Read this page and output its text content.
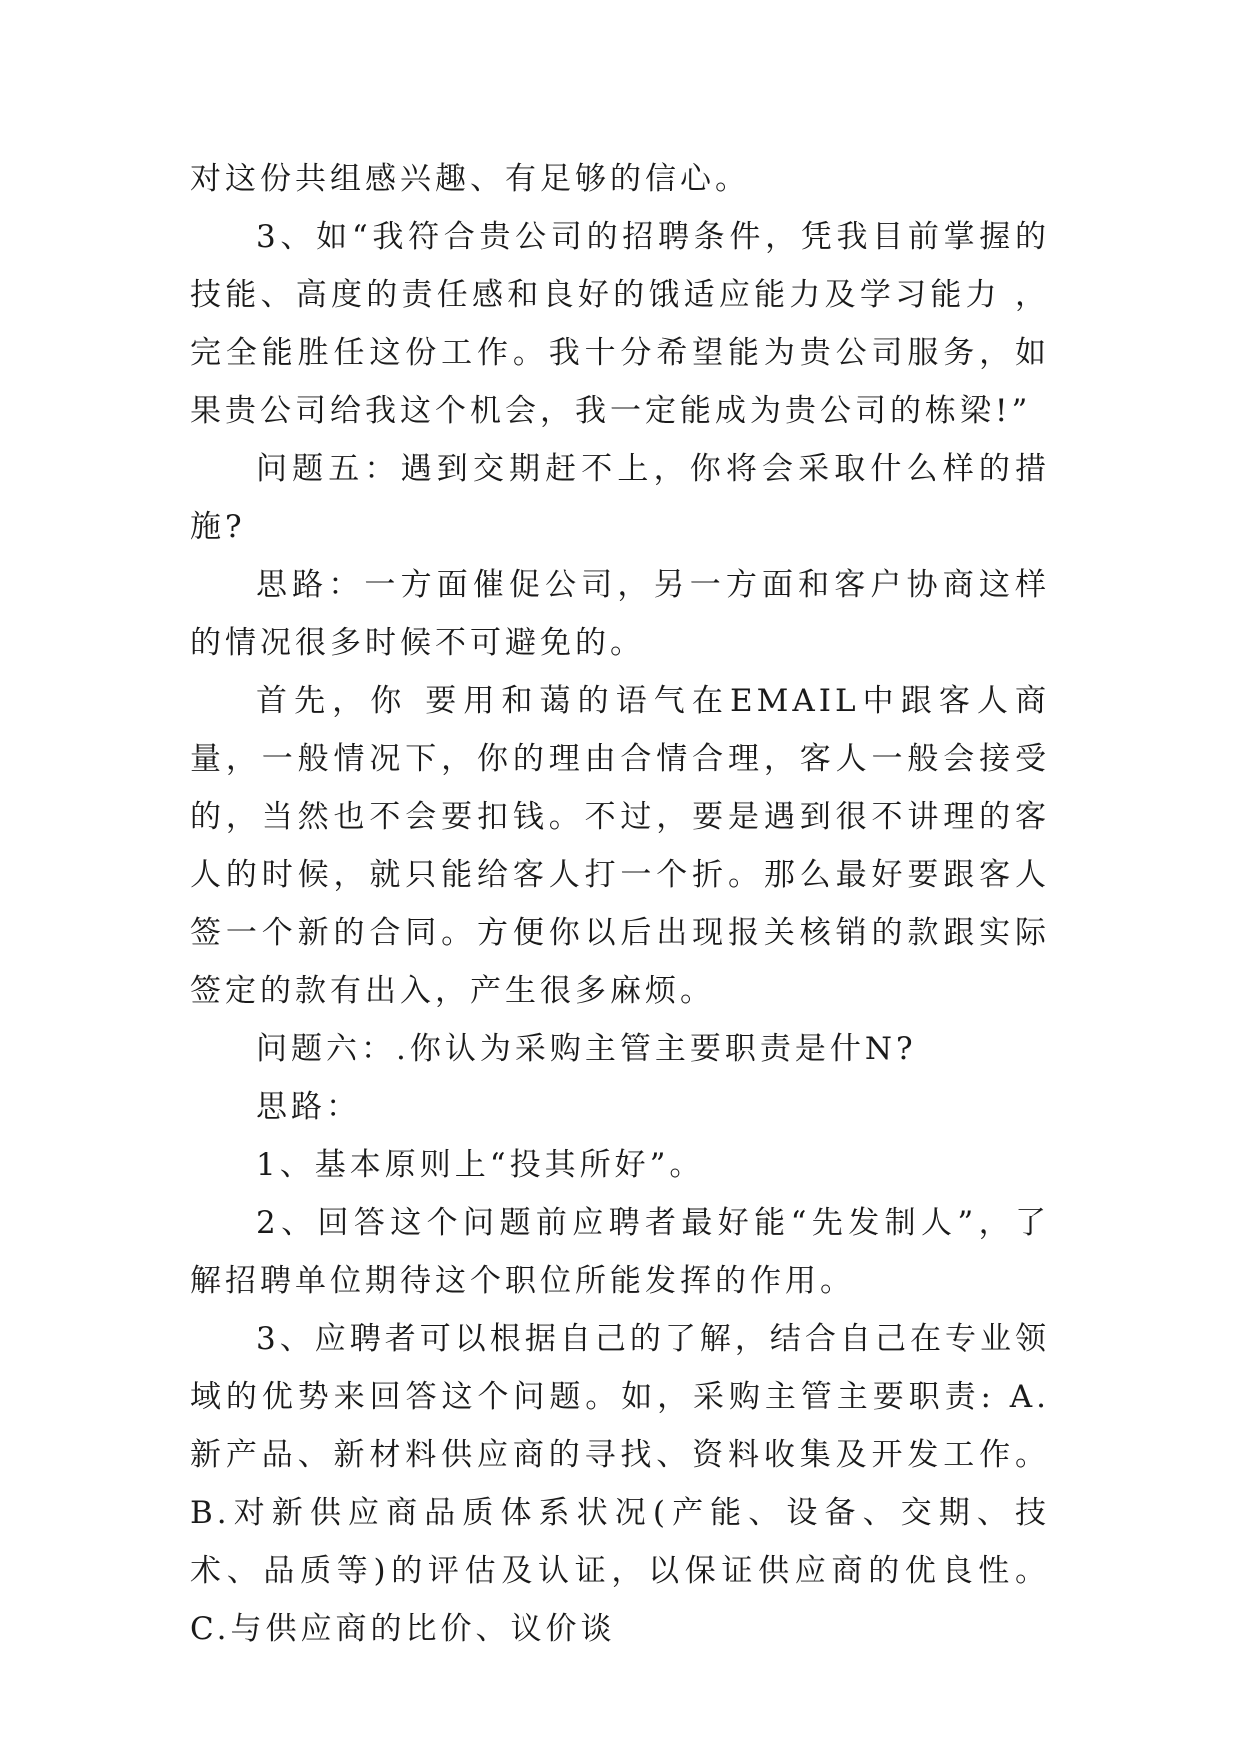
对这份共组感兴趣、有足够的信心。

3、如“我符合贵公司的招聘条件，凭我目前掌握的技能、高度的责任感和良好的饿适应能力及学习能力 ，完全能胜任这份工作。我十分希望能为贵公司服务，如果贵公司给我这个机会，我一定能成为贵公司的栋梁!”

问题五：遇到交期赶不上，你将会采取什么样的措施?

思路：一方面催促公司，另一方面和客户协商这样的情况很多时候不可避免的。

首先，你 要用和蔼的语气在EMAIL中跟客人商量，一般情况下，你的理由合情合理，客人一般会接受的，当然也不会要扣钱。不过，要是遇到很不讲理的客人的时候，就只能给客人打一个折。那么最好要跟客人签一个新的合同。方便你以后出现报关核销的款跟实际签定的款有出入，产生很多麻烦。

问题六：.你认为采购主管主要职责是什N?

思路：

1、基本原则上“投其所好”。

2、回答这个问题前应聘者最好能“先发制人”，了解招聘单位期待这个职位所能发挥的作用。

3、应聘者可以根据自己的了解，结合自己在专业领域的优势来回答这个问题。如，采购主管主要职责: A.新产品、新材料供应商的寻找、资料收集及开发工作。B.对新供应商品质体系状况(产能、设备、交期、技术、品质等)的评估及认证，以保证供应商的优良性。C.与供应商的比价、议价谈
